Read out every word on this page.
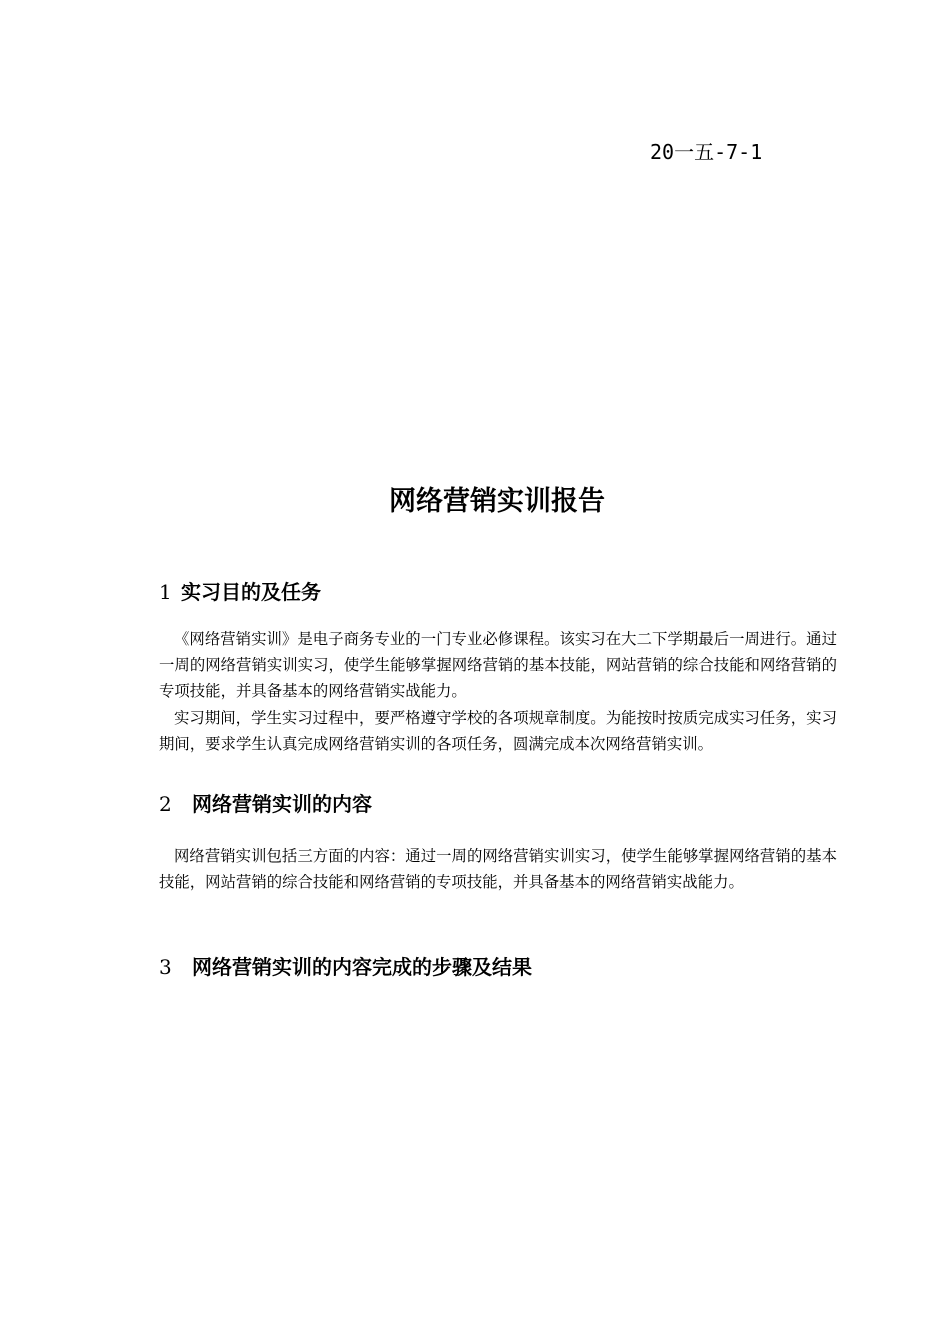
20一五-7-1
网络营销实训报告
1 实习目的及任务

《网络营销实训》是电子商务专业的一门专业必修课程。该实习在大二下学期最后一周进行。通过一周的网络营销实训实习，使学生能够掌握网络营销的基本技能，网站营销的综合技能和网络营销的专项技能，并具备基本的网络营销实战能力。

实习期间，学生实习过程中，要严格遵守学校的各项规章制度。为能按时按质完成实习任务，实习期间，要求学生认真完成网络营销实训的各项任务，圆满完成本次网络营销实训。

2 网络营销实训的内容

网络营销实训包括三方面的内容：通过一周的网络营销实训实习，使学生能够掌握网络营销的基本技能，网站营销的综合技能和网络营销的专项技能，并具备基本的网络营销实战能力。

3 网络营销实训的内容完成的步骤及结果
